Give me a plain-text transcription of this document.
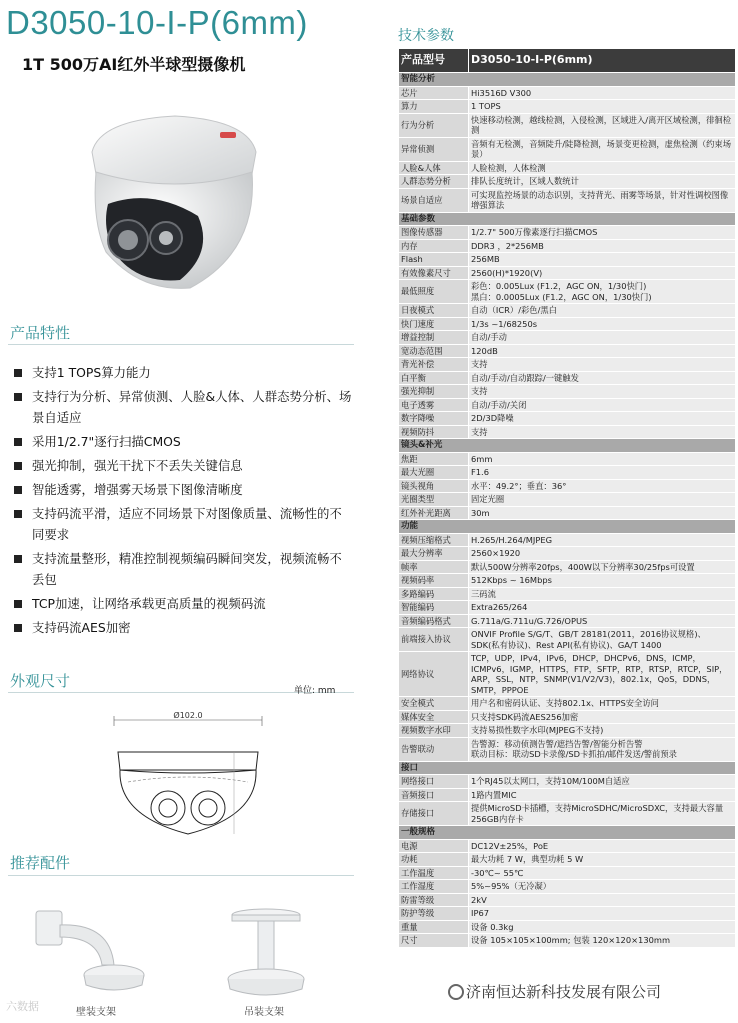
D3050-10-I-P(6mm)
1T 500万AI红外半球型摄像机
产品特性
支持1 TOPS算力能力
支持行为分析、异常侦测、人脸&人体、人群态势分析、场景自适应
采用1/2.7"逐行扫描CMOS
强光抑制，强光干扰下不丢失关键信息
智能透雾，增强雾天场景下图像清晰度
支持码流平滑，适应不同场景下对图像质量、流畅性的不同要求
支持流量整形，精准控制视频编码瞬间突发，视频流畅不丢包
TCP加速，让网络承载更高质量的视频码流
支持码流AES加密
外观尺寸
单位: mm
Ø102.0
推荐配件
壁装支架	吊装支架
六数据
技术参数
产品型号	D3050-10-I-P(6mm)
智能分析	
芯片	Hi3516D V300
算力	1 TOPS
行为分析	快速移动检测，越线检测，入侵检测，区域进入/离开区域检测，徘徊检测
异常侦测	音频有无检测，音频陡升/陡降检测，场景变更检测，虚焦检测（约束场景）
人脸&人体	人脸检测，人体检测
人群态势分析	排队长度统计，区域人数统计
场景自适应	可实现监控场景的动态识别，支持背光、雨雾等场景，针对性调校图像增强算法
基础参数	
图像传感器	1/2.7" 500万像素逐行扫描CMOS
内存	DDR3 ，2*256MB
Flash	256MB
有效像素尺寸	2560(H)*1920(V)
最低照度	彩色：0.005Lux (F1.2，AGC ON，1/30快门)
黑白：0.0005Lux (F1.2，AGC ON，1/30快门)
日夜模式	自动（ICR）/彩色/黑白
快门速度	1/3s ~1/68250s
增益控制	自动/手动
宽动态范围	120dB
背光补偿	支持
白平衡	自动/手动/自动跟踪/一键触发
强光抑制	支持
电子透雾	自动/手动/关闭
数字降噪	2D/3D降噪
视频防抖	支持
镜头&补光	
焦距	6mm
最大光圈	F1.6
镜头视角	水平：49.2°；垂直：36°
光圈类型	固定光圈
红外补光距离	30m
功能	
视频压缩格式	H.265/H.264/MJPEG
最大分辨率	2560×1920
帧率	默认500W分辨率20fps，400W以下分辨率30/25fps可设置
视频码率	512Kbps ~ 16Mbps
多路编码	三码流
智能编码	Extra265/264
音频编码格式	G.711a/G.711u/G.726/OPUS
前端接入协议	ONVIF Profile S/G/T、GB/T 28181(2011，2016协议规格)、SDK(私有协议)、Rest API(私有协议)、GA/T 1400
网络协议	TCP，UDP，IPv4，IPv6，DHCP，DHCPv6，DNS，ICMP，ICMPv6，IGMP，HTTPS，FTP，SFTP，RTP，RTSP，RTCP，SIP，ARP，SSL，NTP，SNMP(V1/V2/V3)，802.1x，QoS，DDNS，SMTP，PPPOE
安全模式	用户名和密码认证、支持802.1x、HTTPS安全访问
媒体安全	只支持SDK码流AES256加密
视频数字水印	支持易损性数字水印(MJPEG不支持)
告警联动	告警源：移动侦测告警/遮挡告警/智能分析告警
联动目标：联动SD卡录像/SD卡抓拍/邮件发送/警前预录
接口	
网络接口	1个RJ45以太网口，支持10M/100M自适应
音频接口	1路内置MIC
存储接口	提供MicroSD卡插槽，支持MicroSDHC/MicroSDXC，支持最大容量256GB内存卡
一般规格	
电源	DC12V±25%，PoE
功耗	最大功耗 7 W，典型功耗 5 W
工作温度	-30℃~ 55℃
工作湿度	5%~95%（无冷凝）
防雷等级	2kV
防护等级	IP67
重量	设备 0.3kg
尺寸	设备 105×105×100mm; 包装 120×120×130mm
济南恒达新科技发展有限公司
